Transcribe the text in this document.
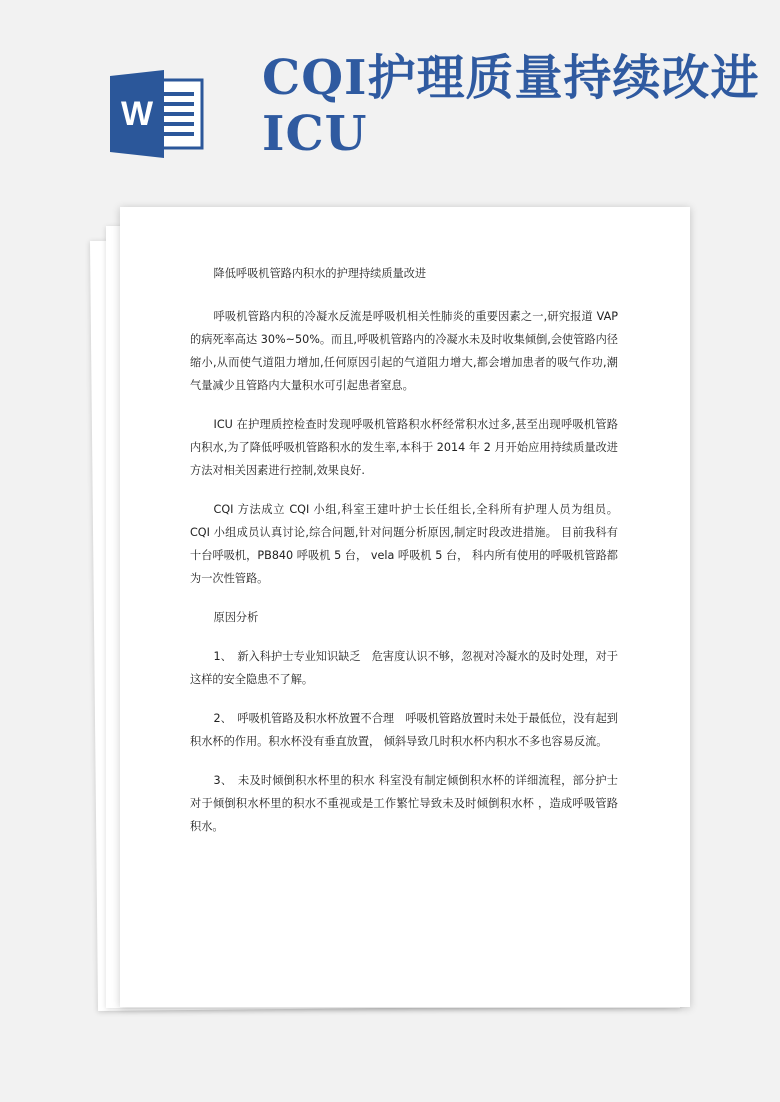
W
CQI护理质量持续改进ICU

降低呼吸机管路内积水的护理持续质量改进

呼吸机管路内积的冷凝水反流是呼吸机相关性肺炎的重要因素之一,研究报道 VAP 的病死率高达 30%~50%。而且,呼吸机管路内的冷凝水未及时收集倾倒,会使管路内径缩小,从而使气道阻力增加,任何原因引起的气道阻力增大,都会增加患者的吸气作功,潮气量减少且管路内大量积水可引起患者窒息。

ICU 在护理质控检查时发现呼吸机管路积水杯经常积水过多,甚至出现呼吸机管路内积水,为了降低呼吸机管路积水的发生率,本科于 2014 年 2 月开始应用持续质量改进方法对相关因素进行控制,效果良好.

CQI 方法成立 CQI 小组,科室王建叶护士长任组长,全科所有护理人员为组员。 CQI 小组成员认真讨论,综合问题,针对问题分析原因,制定时段改进措施。 目前我科有十台呼吸机，PB840 呼吸机 5 台， vela 呼吸机 5 台， 科内所有使用的呼吸机管路都为一次性管路。

原因分析

1、　新入科护士专业知识缺乏　危害度认识不够，忽视对冷凝水的及时处理，对于这样的安全隐患不了解。

2、　呼吸机管路及积水杯放置不合理　呼吸机管路放置时未处于最低位，没有起到积水杯的作用。积水杯没有垂直放置， 倾斜导致几时积水杯内积水不多也容易反流。

3、　未及时倾倒积水杯里的积水 科室没有制定倾倒积水杯的详细流程，部分护士对于倾倒积水杯里的积水不重视或是工作繁忙导致未及时倾倒积水杯 ，造成呼吸管路积水。
